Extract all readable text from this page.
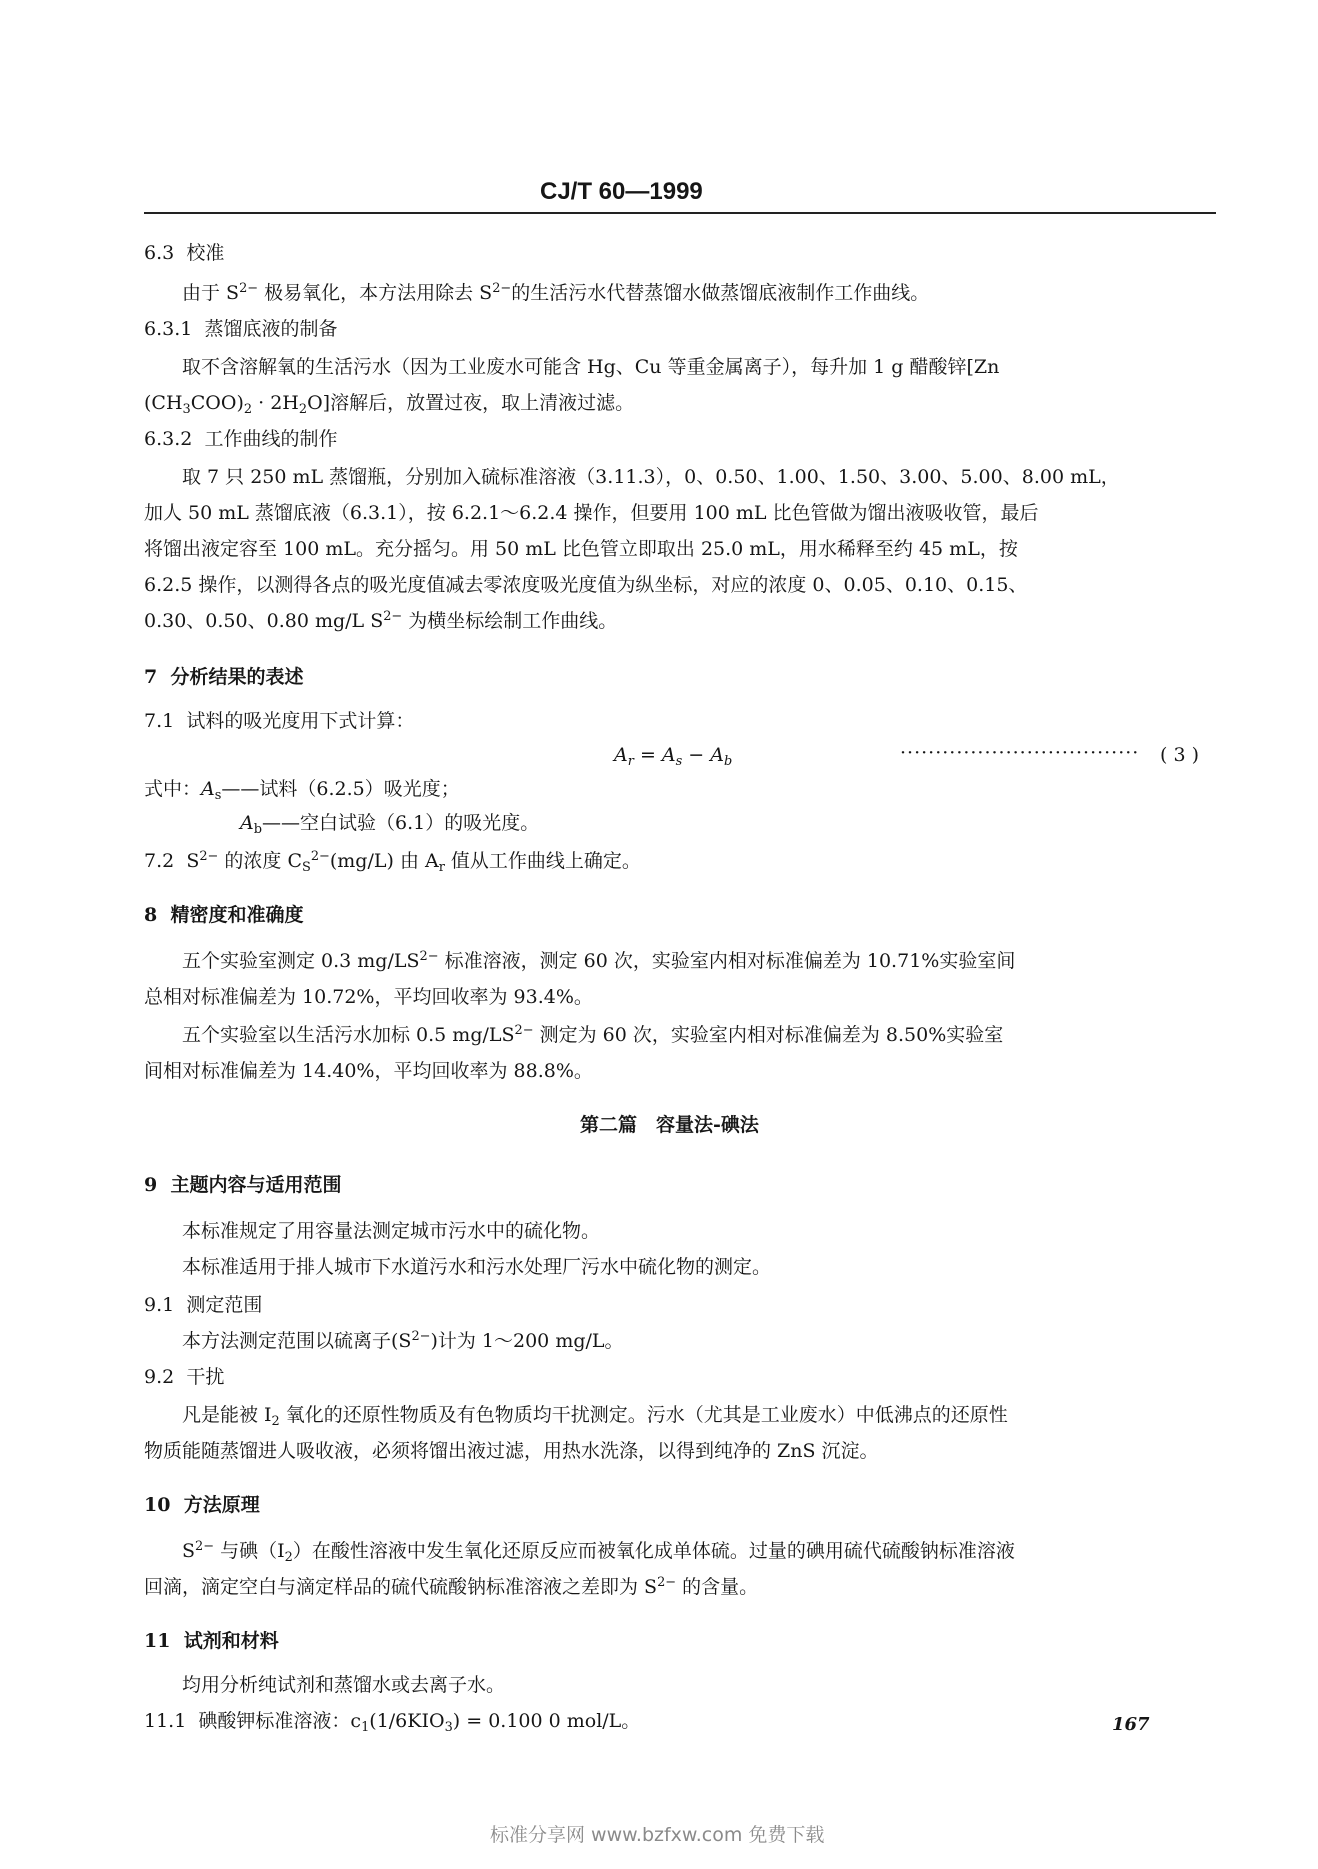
CJ/T 60—1999
6.3 校准
由于 $S^{2-}$ 极易氧化，本方法用除去 $S^{2-}$的生活污水代替蒸馏水做蒸馏底液制作工作曲线。
6.3.1 蒸馏底液的制备
取不含溶解氧的生活污水（因为工业废水可能含 Hg、Cu 等重金属离子），每升加 1 g 醋酸锌[Zn
$(CH_3COO)_2 \cdot 2H_2O$]溶解后，放置过夜，取上清液过滤。
6.3.2 工作曲线的制作
取 7 只 250 mL 蒸馏瓶，分别加入硫标准溶液（3.11.3），0、0.50、1.00、1.50、3.00、5.00、8.00 mL，
加人 50 mL 蒸馏底液（6.3.1），按 6.2.1～6.2.4 操作，但要用 100 mL 比色管做为馏出液吸收管，最后
将馏出液定容至 100 mL。充分摇匀。用 50 mL 比色管立即取出 25.0 mL，用水稀释至约 45 mL，按
6.2.5 操作，以测得各点的吸光度值减去零浓度吸光度值为纵坐标，对应的浓度 0、0.05、0.10、0.15、
0.30、0.50、0.80 mg/L $S^{2-}$ 为横坐标绘制工作曲线。
7 分析结果的表述
7.1 试料的吸光度用下式计算：
$A_r = A_s - A_b$	·································· ( 3 )
式中：$A_s——$试料（6.2.5）吸光度；
$A_b——$空白试验（6.1）的吸光度。
7.2 $S^{2-}$ 的浓度 $C_S^{2-}(mg/L)$ 由 $A_r$ 值从工作曲线上确定。
8 精密度和准确度
五个实验室测定 0.3 $mg/LS^{2-}$ 标准溶液，测定 60 次，实验室内相对标准偏差为 10.71%实验室间
总相对标准偏差为 10.72%，平均回收率为 93.4%。
五个实验室以生活污水加标 0.5 $mg/LS^{2-}$ 测定为 60 次，实验室内相对标准偏差为 8.50%实验室
间相对标准偏差为 14.40%，平均回收率为 88.8%。
第二篇　容量法-碘法
9 主题内容与适用范围
本标准规定了用容量法测定城市污水中的硫化物。
本标准适用于排人城市下水道污水和污水处理厂污水中硫化物的测定。
9.1 测定范围
本方法测定范围以硫离子$(S^{2-})$计为 1～200 mg/L。
9.2 干扰
凡是能被 $I_2$ 氧化的还原性物质及有色物质均干扰测定。污水（尤其是工业废水）中低沸点的还原性
物质能随蒸馏进人吸收液，必须将馏出液过滤，用热水洗涤，以得到纯净的 ZnS 沉淀。
10 方法原理
$S^{2-}$ 与碘$(I_2)$在酸性溶液中发生氧化还原反应而被氧化成单体硫。过量的碘用硫代硫酸钠标准溶液
回滴，滴定空白与滴定样品的硫代硫酸钠标准溶液之差即为 $S^{2-}$ 的含量。
11 试剂和材料
均用分析纯试剂和蒸馏水或去离子水。
11.1 碘酸钾标准溶液：$c_1(1/6KIO_3) = 0.100$ 0 mol/L。	167
标准分享网 www.bzfxw.com 免费下载
